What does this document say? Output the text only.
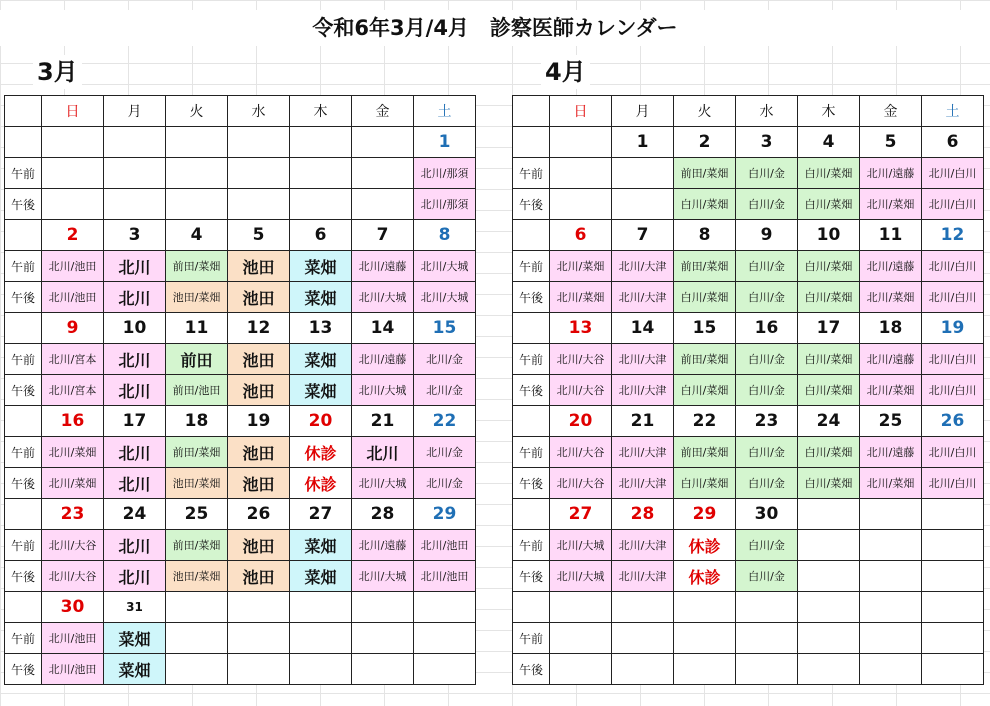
令和6年3月/4月　診察医師カレンダー
3月	4月
	日	月	火	水	木	金	土
							1
午前							北川/那須
午後							北川/那須
	2	3	4	5	6	7	8
午前	北川/池田	北川	前田/菜畑	池田	菜畑	北川/遠藤	北川/大城
午後	北川/池田	北川	池田/菜畑	池田	菜畑	北川/大城	北川/大城
	9	10	11	12	13	14	15
午前	北川/宮本	北川	前田	池田	菜畑	北川/遠藤	北川/金
午後	北川/宮本	北川	前田/池田	池田	菜畑	北川/大城	北川/金
	16	17	18	19	20	21	22
午前	北川/菜畑	北川	前田/菜畑	池田	休診	北川	北川/金
午後	北川/菜畑	北川	池田/菜畑	池田	休診	北川/大城	北川/金
	23	24	25	26	27	28	29
午前	北川/大谷	北川	前田/菜畑	池田	菜畑	北川/遠藤	北川/池田
午後	北川/大谷	北川	池田/菜畑	池田	菜畑	北川/大城	北川/池田
	30	31					
午前	北川/池田	菜畑					
午後	北川/池田	菜畑					
	日	月	火	水	木	金	土
		1	2	3	4	5	6
午前			前田/菜畑	白川/金	白川/菜畑	北川/遠藤	北川/白川
午後			白川/菜畑	白川/金	白川/菜畑	北川/菜畑	北川/白川
	6	7	8	9	10	11	12
午前	北川/菜畑	北川/大津	前田/菜畑	白川/金	白川/菜畑	北川/遠藤	北川/白川
午後	北川/菜畑	北川/大津	白川/菜畑	白川/金	白川/菜畑	北川/菜畑	北川/白川
	13	14	15	16	17	18	19
午前	北川/大谷	北川/大津	前田/菜畑	白川/金	白川/菜畑	北川/遠藤	北川/白川
午後	北川/大谷	北川/大津	白川/菜畑	白川/金	白川/菜畑	北川/菜畑	北川/白川
	20	21	22	23	24	25	26
午前	北川/大谷	北川/大津	前田/菜畑	白川/金	白川/菜畑	北川/遠藤	北川/白川
午後	北川/大谷	北川/大津	白川/菜畑	白川/金	白川/菜畑	北川/菜畑	北川/白川
	27	28	29	30			
午前	北川/大城	北川/大津	休診	白川/金			
午後	北川/大城	北川/大津	休診	白川/金			

午前							
午後							
